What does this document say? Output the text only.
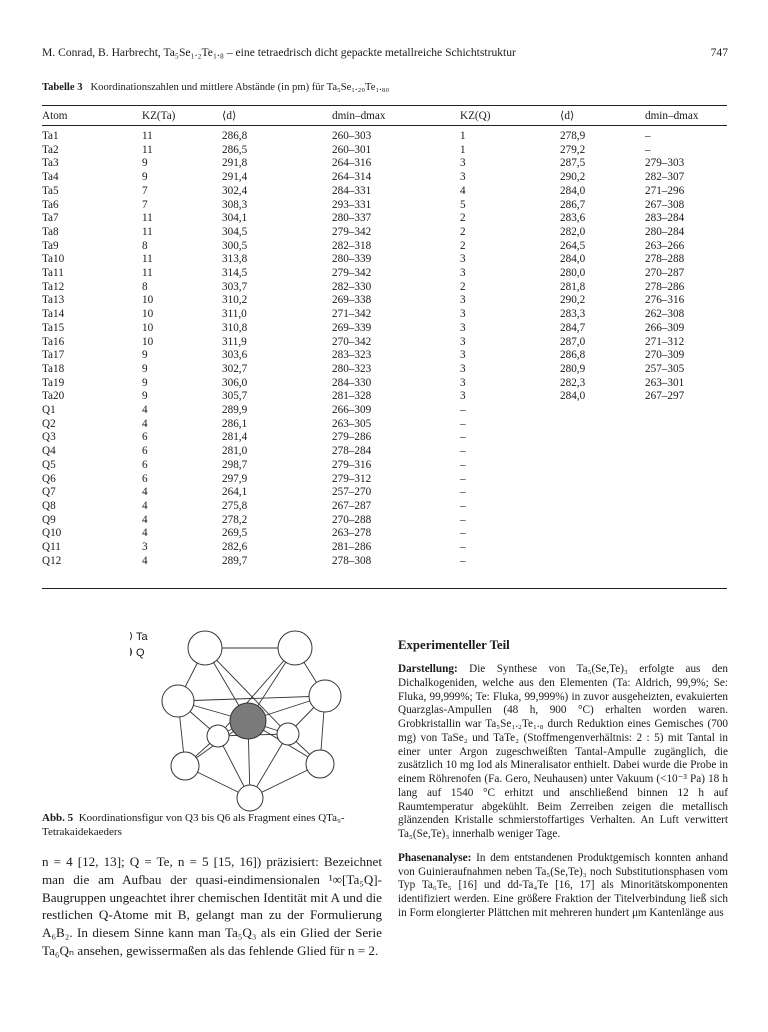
M. Conrad, B. Harbrecht, Ta₅Se₁.₂Te₁.₈ – eine tetraedrisch dicht gepackte metallreiche Schichtstruktur	747
Tabelle 3 Koordinationszahlen und mittlere Abstände (in pm) für Ta₅Se₁.₂₀Te₁.₈₀
Atom	KZ(Ta)	⟨d⟩	dmin–dmax	KZ(Q)	⟨d⟩	dmin–dmax
Ta1	11	286,8	260–303	1	278,9	–
Ta2	11	286,5	260–301	1	279,2	–
Ta3	9	291,8	264–316	3	287,5	279–303
Ta4	9	291,4	264–314	3	290,2	282–307
Ta5	7	302,4	284–331	4	284,0	271–296
Ta6	7	308,3	293–331	5	286,7	267–308
Ta7	11	304,1	280–337	2	283,6	283–284
Ta8	11	304,5	279–342	2	282,0	280–284
Ta9	8	300,5	282–318	2	264,5	263–266
Ta10	11	313,8	280–339	3	284,0	278–288
Ta11	11	314,5	279–342	3	280,0	270–287
Ta12	8	303,7	282–330	2	281,8	278–286
Ta13	10	310,2	269–338	3	290,2	276–316
Ta14	10	311,0	271–342	3	283,3	262–308
Ta15	10	310,8	269–339	3	284,7	266–309
Ta16	10	311,9	270–342	3	287,0	271–312
Ta17	9	303,6	283–323	3	286,8	270–309
Ta18	9	302,7	280–323	3	280,9	257–305
Ta19	9	306,0	284–330	3	282,3	263–301
Ta20	9	305,7	281–328	3	284,0	267–297
Q1	4	289,9	266–309	–		
Q2	4	286,1	263–305	–		
Q3	6	281,4	279–286	–		
Q4	6	281,0	278–284	–		
Q5	6	298,7	279–316	–		
Q6	6	297,9	279–312	–		
Q7	4	264,1	257–270	–		
Q8	4	275,8	267–287	–		
Q9	4	278,2	270–288	–		
Q10	4	269,5	263–278	–		
Q11	3	282,6	281–286	–		
Q12	4	289,7	278–308	–		
Ta
Q
Abb. 5 Koordinationsfigur von Q3 bis Q6 als Fragment eines QTa₉-Tetrakaidekaeders
n = 4 [12, 13]; Q = Te, n = 5 [15, 16]) präzisiert: Bezeichnet man die am Aufbau der quasi-eindimensionalen ¹∞[Ta₅Q]-Baugruppen ungeachtet ihrer chemischen Identität mit A und die restlichen Q-Atome mit B, gelangt man zu der Formulierung A₆B₂. In diesem Sinne kann man Ta₅Q₃ als ein Glied der Serie Ta₆Qₙ ansehen, gewissermaßen als das fehlende Glied für n = 2.
Experimenteller Teil

Darstellung: Die Synthese von Ta₅(Se,Te)₃ erfolgte aus den Dichalkogeniden, welche aus den Elementen (Ta: Aldrich, 99,9%; Se: Fluka, 99,999%; Te: Fluka, 99,999%) in zuvor ausgeheizten, evakuierten Quarzglas-Ampullen (48 h, 900 °C) erhalten worden waren. Grobkristallin war Ta₅Se₁.₂Te₁.₈ durch Reduktion eines Gemisches (700 mg) von TaSe₂ und TaTe₂ (Stoffmengenverhältnis: 2 : 5) mit Tantal in einer unter Argon zugeschweißten Tantal-Ampulle zugänglich, die zusätzlich 10 mg Iod als Mineralisator enthielt. Dabei wurde die Probe in einem Röhrenofen (Fa. Gero, Neuhausen) unter Vakuum (<10⁻³ Pa) 18 h lang auf 1540 °C erhitzt und anschließend binnen 12 h auf Raumtemperatur abgekühlt. Beim Zerreiben zeigen die metallisch glänzenden Kristalle schmierstoffartiges Verhalten. An Luft verwittert Ta₅(Se,Te)₃ innerhalb weniger Tage.

Phasenanalyse: In dem entstandenen Produktgemisch konnten anhand von Guinieraufnahmen neben Ta₅(Se,Te)₃ noch Substitutionsphasen vom Typ Ta₆Te₅ [16] und dd-Ta₄Te [16, 17] als Minoritätskomponenten identifiziert werden. Eine größere Fraktion der Titelverbindung ließ sich in Form elongierter Plättchen mit mehreren hundert μm Kantenlänge aus
